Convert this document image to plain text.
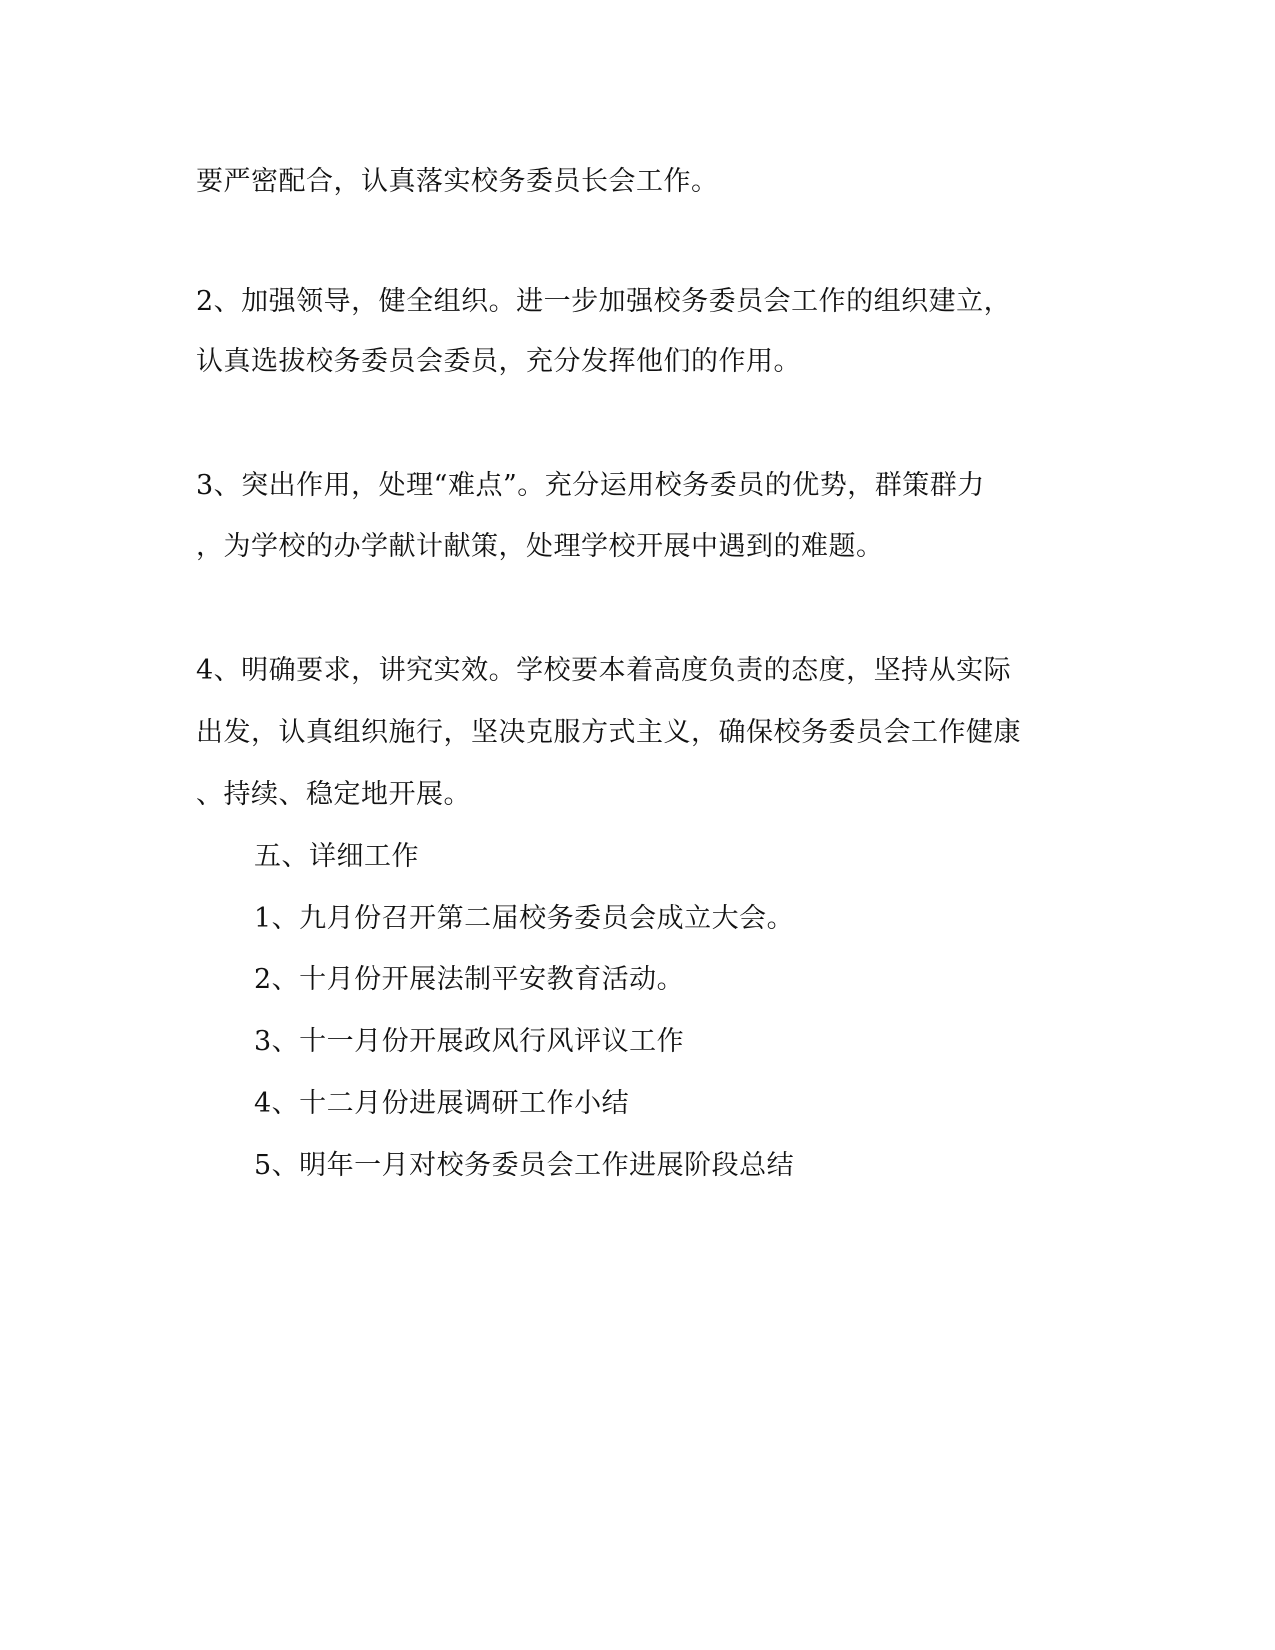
要严密配合，认真落实校务委员长会工作。
2、加强领导，健全组织。进一步加强校务委员会工作的组织建立，
认真选拔校务委员会委员，充分发挥他们的作用。
3、突出作用，处理“难点”。充分运用校务委员的优势，群策群力
，为学校的办学献计献策，处理学校开展中遇到的难题。
4、明确要求，讲究实效。学校要本着高度负责的态度，坚持从实际
出发，认真组织施行，坚决克服方式主义，确保校务委员会工作健康
、持续、稳定地开展。
五、详细工作
1、九月份召开第二届校务委员会成立大会。
2、十月份开展法制平安教育活动。
3、十一月份开展政风行风评议工作
4、十二月份进展调研工作小结
5、明年一月对校务委员会工作进展阶段总结
